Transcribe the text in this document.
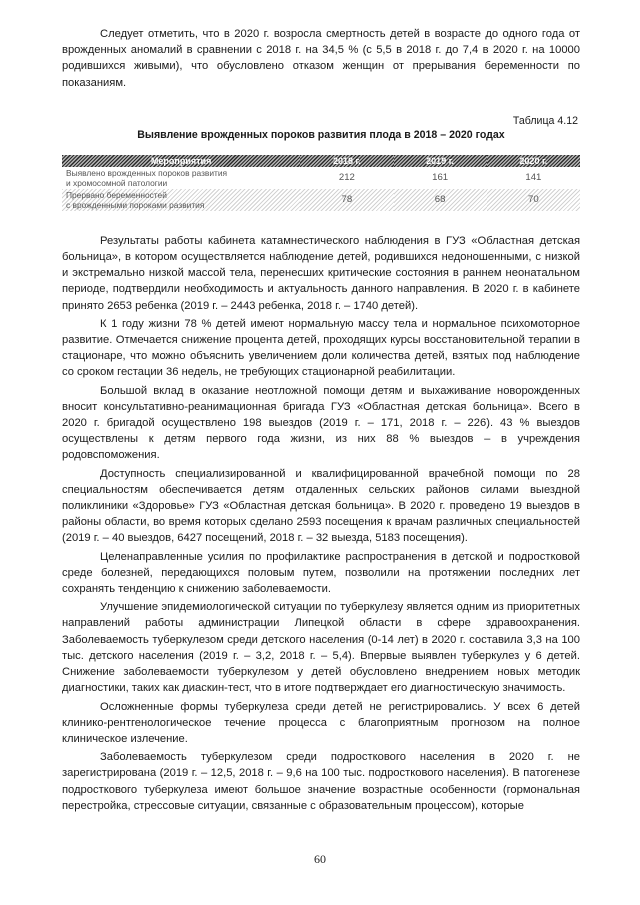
Следует отметить, что в 2020 г. возросла смертность детей в возрасте до одного года от врожденных аномалий в сравнении с 2018 г. на 34,5 % (с 5,5 в 2018 г. до 7,4 в 2020 г. на 10000 родившихся живыми), что обусловлено отказом женщин от прерывания беременности по показаниям.

Таблица 4.12
Выявление врожденных пороков развития плода в 2018 – 2020 годах
Мероприятия	2018 г.	2019 г.	2020 г.
Выявлено врожденных пороков развития
и хромосомной патологии	212	161	141
Прервано беременностей
с врожденными пороками развития	78	68	70

Результаты работы кабинета катамнестического наблюдения в ГУЗ «Областная детская больница», в котором осуществляется наблюдение детей, родившихся недоношенными, с низкой и экстремально низкой массой тела, перенесших критические состояния в раннем неонатальном периоде, подтвердили необходимость и актуальность данного направления. В 2020 г. в кабинете принято 2653 ребенка (2019 г. – 2443 ребенка, 2018 г. – 1740 детей).

К 1 году жизни 78 % детей имеют нормальную массу тела и нормальное психомоторное развитие. Отмечается снижение процента детей, проходящих курсы восстановительной терапии в стационаре, что можно объяснить увеличением доли количества детей, взятых под наблюдение со сроком гестации 36 недель, не требующих стационарной реабилитации.

Большой вклад в оказание неотложной помощи детям и выхаживание новорожденных вносит консультативно-реанимационная бригада ГУЗ «Областная детская больница». Всего в 2020 г. бригадой осуществлено 198 выездов (2019 г. – 171, 2018 г. – 226). 43 % выездов осуществлены к детям первого года жизни, из них 88 % выездов – в учреждения родовспоможения.

Доступность специализированной и квалифицированной врачебной помощи по 28 специальностям обеспечивается детям отдаленных сельских районов силами выездной поликлиники «Здоровье» ГУЗ «Областная детская больница». В 2020 г. проведено 19 выездов в районы области, во время которых сделано 2593 посещения к врачам различных специальностей (2019 г. – 40 выездов, 6427 посещений, 2018 г. – 32 выезда, 5183 посещения).

Целенаправленные усилия по профилактике распространения в детской и подростковой среде болезней, передающихся половым путем, позволили на протяжении последних лет сохранять тенденцию к снижению заболеваемости.

Улучшение эпидемиологической ситуации по туберкулезу является одним из приоритетных направлений работы администрации Липецкой области в сфере здравоохранения. Заболеваемость туберкулезом среди детского населения (0-14 лет) в 2020 г. составила 3,3 на 100 тыс. детского населения (2019 г. – 3,2, 2018 г. – 5,4). Впервые выявлен туберкулез у 6 детей. Снижение заболеваемости туберкулезом у детей обусловлено внедрением новых методик диагностики, таких как диаскин-тест, что в итоге подтверждает его диагностическую значимость.

Осложненные формы туберкулеза среди детей не регистрировались. У всех 6 детей клинико-рентгенологическое течение процесса с благоприятным прогнозом на полное клиническое излечение.

Заболеваемость туберкулезом среди подросткового населения в 2020 г. не зарегистрирована (2019 г. – 12,5, 2018 г. – 9,6 на 100 тыс. подросткового населения). В патогенезе подросткового туберкулеза имеют большое значение возрастные особенности (гормональная перестройка, стрессовые ситуации, связанные с образовательным процессом), которые

60
